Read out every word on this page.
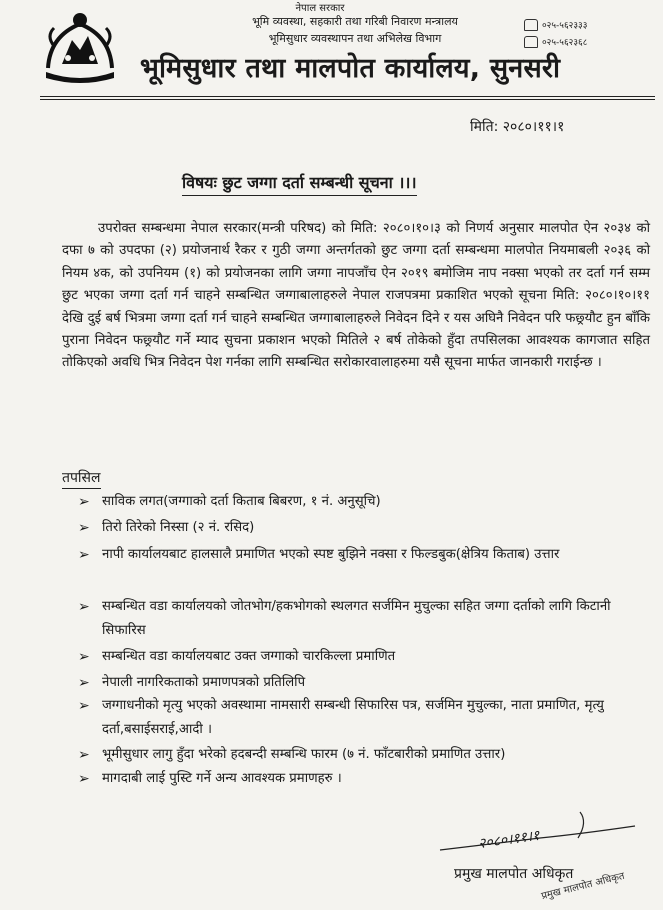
नेपाल सरकार
भूमि व्यवस्था, सहकारी तथा गरिबी निवारण मन्त्रालय
भूमिसुधार व्यवस्थापन तथा अभिलेख विभाग
भूमिसुधार तथा मालपोत कार्यालय, सुनसरी
०२५-५६२३३३
०२५-५६२३६८
मिति: २०८०।११।१
विषयः छुट जग्गा दर्ता सम्बन्धी सूचना ।।।

उपरोक्त सम्बन्धमा नेपाल सरकार(मन्त्री परिषद) को मिति: २०८०।१०।३ को निणर्य अनुसार मालपोत ऐन २०३४ को दफा ७ को उपदफा (२) प्रयोजनार्थ रैकर र गुठी जग्गा अन्तर्गतको छुट जग्गा दर्ता सम्बन्धमा मालपोत नियमाबली २०३६ को नियम ४क, को उपनियम (१) को प्रयोजनका लागि जग्गा नापजाँच ऐन २०१९ बमोजिम नाप नक्सा भएको तर दर्ता गर्न सम्म छुट भएका जग्गा दर्ता गर्न चाहने सम्बन्धित जग्गाबालाहरुले नेपाल राजपत्रमा प्रकाशित भएको सूचना मिति: २०८०।१०।११ देखि दुई बर्ष भित्रमा जग्गा दर्ता गर्न चाहने सम्बन्धित जग्गाबालाहरुले निवेदन दिने र यस अघिनै निवेदन परि फछ्र्यौट हुन बाँकि पुराना निवेदन फछ्र्यौट गर्ने म्याद सुचना प्रकाशन भएको मितिले २ बर्ष तोकेको हुँदा तपसिलका आवश्यक कागजात सहित तोकिएको अवधि भित्र निवेदन पेश गर्नका लागि सम्बन्धित सरोकारवालाहरुमा यसै सूचना मार्फत जानकारी गराईन्छ ।

तपसिल
➢ साविक लगत(जग्गाको दर्ता किताब बिबरण, १ नं. अनुसूचि)
➢ तिरो तिरेको निस्सा (२ नं. रसिद)
➢ नापी कार्यालयबाट हालसालै प्रमाणित भएको स्पष्ट बुझिने नक्सा र फिल्डबुक(क्षेत्रिय किताब) उत्तार
➢ सम्बन्धित वडा कार्यालयको जोतभोग/हकभोगको स्थलगत सर्जमिन मुचुल्का सहित जग्गा दर्ताको लागि किटानी सिफारिस
➢ सम्बन्धित वडा कार्यालयबाट उक्त जग्गाको चारकिल्ला प्रमाणित
➢ नेपाली नागरिकताको प्रमाणपत्रको प्रतिलिपि
➢ जग्गाधनीको मृत्यु भएको अवस्थामा नामसारी सम्बन्धी सिफारिस पत्र, सर्जमिन मुचुल्का, नाता प्रमाणित, मृत्यु दर्ता,बसाईसराई,आदी ।
➢ भूमीसुधार लागु हुँदा भरेको हदबन्दी सम्बन्धि फारम (७ नं. फाँटबारीको प्रमाणित उत्तार)
➢ मागदाबी लाई पुस्टि गर्ने अन्य आवश्यक प्रमाणहरु ।
२०८०।११।१
प्रमुख मालपोत अधिकृत
प्रमुख मालपोत अधिकृत
